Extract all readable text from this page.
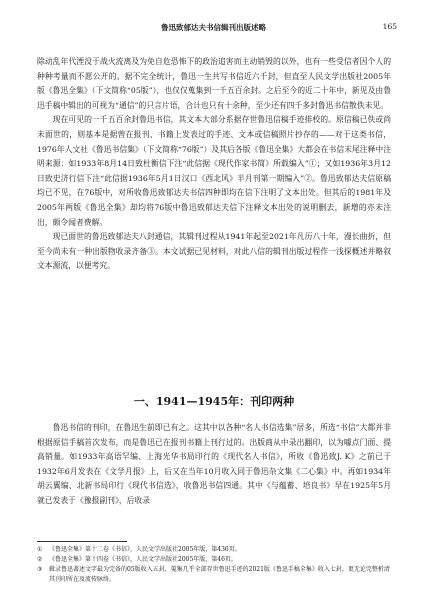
鲁迅致郁达夫书信辑刊出版述略	165

除动乱年代湮没于战火流离及为免自危恐怖下的政治追害而主动销毁的以外，也有一些受信者因个人的种种考量而不愿公开的。据不完全统计，鲁迅一生共写书信近六千封，但直至人民文学出版社2005年版《鲁迅全集》（下文简称“05版”），也仅仅蒐集到一千五百余封。之后至今的近二十年中，新见及由鲁迅手稿中辑出的可视为“通信”的只言片语，合计也只有十余种，至少还有四千多封鲁迅书信散佚未见。

现在可见的一千五百余封鲁迅书信，其文本大部分系据存世鲁迅信稿手迹排校的。原信稿已佚或尚未面世的，则基本是据曾在报刊、书籍上发表过的手迹、文本或信稿照片抄存的——对于这类书信，1976年人文社《鲁迅书信集》（下文简称“76版”）及其后各版《鲁迅全集》大都会在书信末尾注释中注明来源：如1933年8月14日致杜衡信下注“此信据《现代作家书简》所载编入”①；又如1936年3月12日致史济行信下注“此信据1936年5月1日汉口《西北风》半月刊第一期编入”②。鲁迅致郁达夫信原稿均已不见，在76版中，对所收鲁迅致郁达夫书信四种即均在信下注明了文本出处。但其后的1981年及2005年两版《鲁迅全集》却均将76版中鲁迅致郁达夫信下注释文本出处的说明删去，新增的亦未注出，颇令闻者费解。

现已面世的鲁迅致郁达夫八封通信，其辑刊过程从1941年起至2021年凡历八十年，漫长曲折，但至今尚未有一种出版物收录齐备③。本文试据已见材料，对此八信的辑刊出版过程作一浅探概述并略叙文本源流，以便考究。

一、1941—1945年：刊印两种

鲁迅书信的刊印，在鲁迅生前即已有之。这其中以各种“名人书信选集”居多，所选“书信”大都并非根据原信手稿首次发布，而是鲁迅已在报刊书籍上刊行过的。出版商从中录出翻印，以为噱点门面、提高销量。如1933年高语罕编、上海光华书局印行的《现代名人书信》，所收《鲁迅致J. K》之前已于1932年6月发表在《文学月报》上，后又在当年10月收入同于鲁迅杂文集《二心集》中。再如1934年胡云翼编、北新书局印行《现代书信选》，收鲁迅书信四通。其中《与蕴蓄、培良书》早在1925年5月就已发表于《豫报副刊》，后收录

①	《鲁迅全集》第十二卷《书信》，人民文学出版社2005年版，第436页。
②	《鲁迅全集》第十四卷《书信》，人民文学出版社2005年版，第46页。
③	辑录鲁迅著述文字最为完备的05版收入五封，蒐集几乎全部存世鲁迅手迹的2021版《鲁迅手稿全集》收入七封，更无论完整析清其刊印所在及流传脉络。
